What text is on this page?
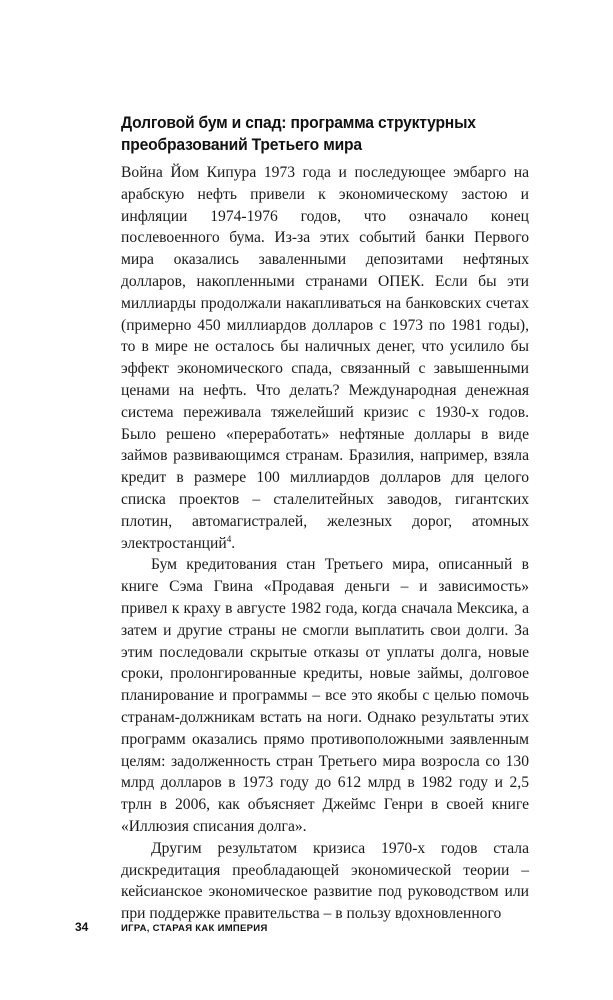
Долговой бум и спад: программа структурных
преобразований Третьего мира

Война Йом Кипура 1973 года и последующее эмбарго на арабскую нефть привели к экономическому застою и инфляции 1974-1976 годов, что означало конец послевоенного бума. Из-за этих событий банки Первого мира оказались заваленными депозитами нефтяных долларов, накопленными странами ОПЕК. Если бы эти миллиарды продолжали накапливаться на банковских счетах (примерно 450 миллиардов долларов с 1973 по 1981 годы), то в мире не осталось бы наличных денег, что усилило бы эффект экономического спада, связанный с завышенными ценами на нефть. Что делать? Международная денежная система переживала тяжелейший кризис с 1930-х годов. Было решено «переработать» нефтяные доллары в виде займов развивающимся странам. Бразилия, например, взяла кредит в размере 100 миллиардов долларов для целого списка проектов – сталелитейных заводов, гигантских плотин, автомагистралей, железных дорог, атомных электростанций$^4$.

Бум кредитования стан Третьего мира, описанный в книге Сэма Гвина «Продавая деньги – и зависимость» привел к краху в августе 1982 года, когда сначала Мексика, а затем и другие страны не смогли выплатить свои долги. За этим последовали скрытые отказы от уплаты долга, новые сроки, пролонгированные кредиты, новые займы, долговое планирование и программы – все это якобы с целью помочь странам-должникам встать на ноги. Однако результаты этих программ оказались прямо противоположными заявленным целям: задолженность стран Третьего мира возросла со 130 млрд долларов в 1973 году до 612 млрд в 1982 году и 2,5 трлн в 2006, как объясняет Джеймс Генри в своей книге «Иллюзия списания долга».

Другим результатом кризиса 1970-х годов стала дискредитация преобладающей экономической теории – кейсианское экономическое развитие под руководством или при поддержке правительства – в пользу вдохновленного

34	ИГРА, СТАРАЯ КАК ИМПЕРИЯ
